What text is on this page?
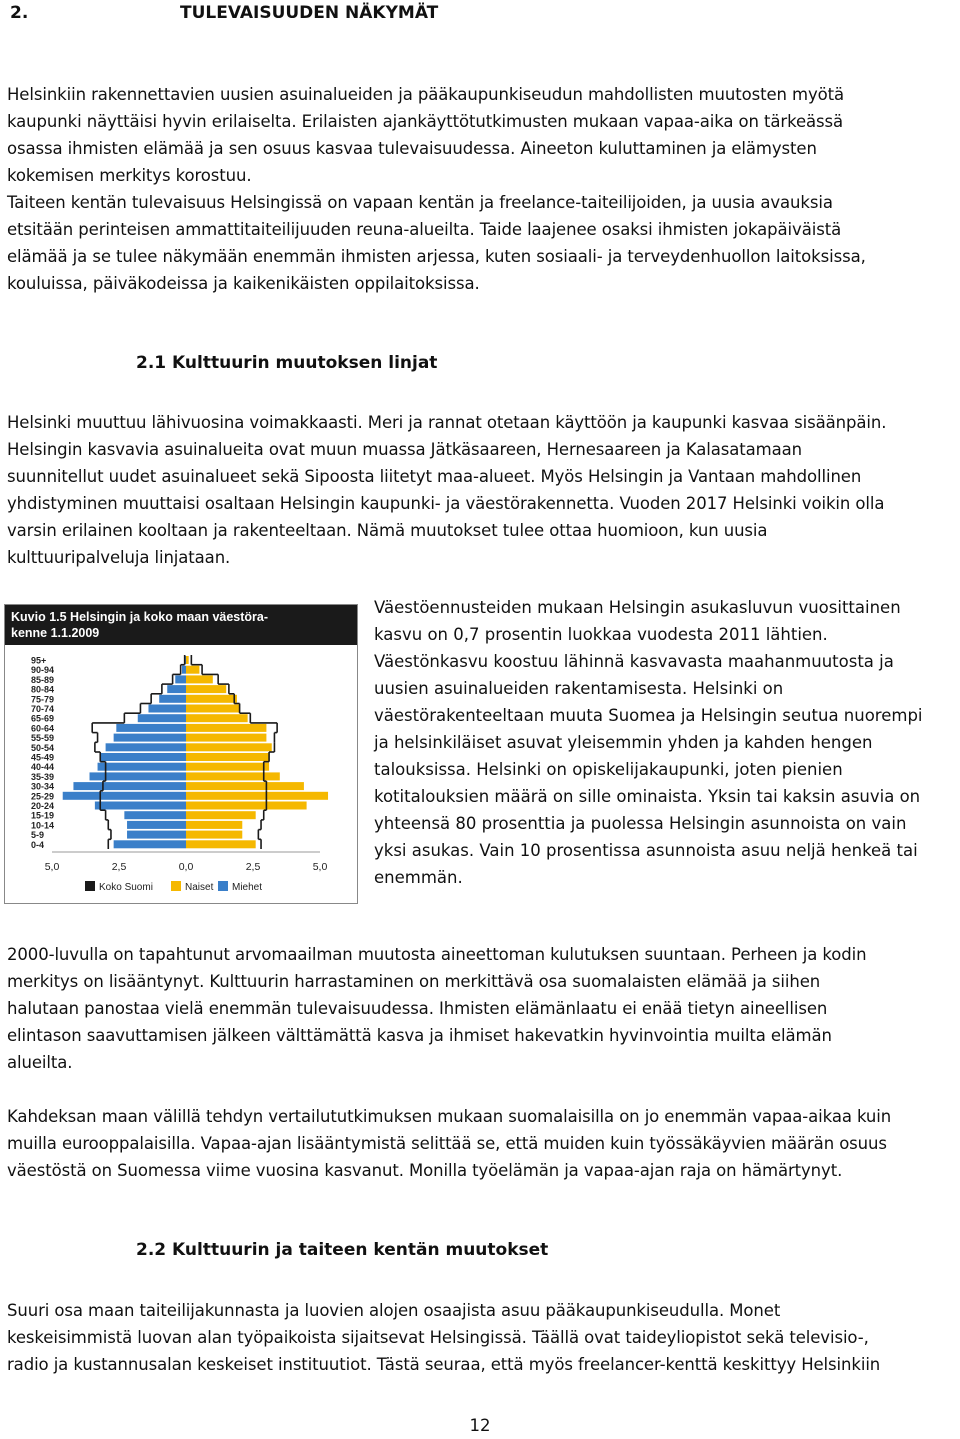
2.	TULEVAISUUDEN NÄKYMÄT
Helsinkiin rakennettavien uusien asuinalueiden ja pääkaupunkiseudun mahdollisten muutosten myötä
kaupunki näyttäisi hyvin erilaiselta. Erilaisten ajankäyttötutkimusten mukaan vapaa-aika on tärkeässä
osassa ihmisten elämää ja sen osuus kasvaa tulevaisuudessa. Aineeton kuluttaminen ja elämysten
kokemisen merkitys korostuu.
Taiteen kentän tulevaisuus Helsingissä on vapaan kentän ja freelance-taiteilijoiden, ja uusia avauksia
etsitään perinteisen ammattitaiteilijuuden reuna-alueilta. Taide laajenee osaksi ihmisten jokapäiväistä
elämää ja se tulee näkymään enemmän ihmisten arjessa, kuten sosiaali- ja terveydenhuollon laitoksissa,
kouluissa, päiväkodeissa ja kaikenikäisten oppilaitoksissa.
2.1 Kulttuurin muutoksen linjat
Helsinki muuttuu lähivuosina voimakkaasti. Meri ja rannat otetaan käyttöön ja kaupunki kasvaa sisäänpäin.
Helsingin kasvavia asuinalueita ovat muun muassa Jätkäsaareen, Hernesaareen ja Kalasatamaan
suunnitellut uudet asuinalueet sekä Sipoosta liitetyt maa-alueet. Myös Helsingin ja Vantaan mahdollinen
yhdistyminen muuttaisi osaltaan Helsingin kaupunki- ja väestörakennetta. Vuoden 2017 Helsinki voikin olla
varsin erilainen kooltaan ja rakenteeltaan. Nämä muutokset tulee ottaa huomioon, kun uusia
kulttuuripalveluja linjataan.
Kuvio 1.5 Helsingin ja koko maan väestöra-
kenne 1.1.2009
95+
90-94
85-89
80-84
75-79
70-74
65-69
60-64
55-59
50-54
45-49
40-44
35-39
30-34
25-29
20-24
15-19
10-14
5-9
0-4
5,0	2,5	0,0	2,5	5,0
Koko Suomi	Naiset Miehet
Väestöennusteiden mukaan Helsingin asukasluvun vuosittainen
kasvu on 0,7 prosentin luokkaa vuodesta 2011 lähtien.
Väestönkasvu koostuu lähinnä kasvavasta maahanmuutosta ja
uusien asuinalueiden rakentamisesta. Helsinki on
väestörakenteeltaan muuta Suomea ja Helsingin seutua nuorempi
ja helsinkiläiset asuvat yleisemmin yhden ja kahden hengen
talouksissa. Helsinki on opiskelijakaupunki, joten pienien
kotitalouksien määrä on sille ominaista. Yksin tai kaksin asuvia on
yhteensä 80 prosenttia ja puolessa Helsingin asunnoista on vain
yksi asukas. Vain 10 prosentissa asunnoista asuu neljä henkeä tai
enemmän.
2000-luvulla on tapahtunut arvomaailman muutosta aineettoman kulutuksen suuntaan. Perheen ja kodin
merkitys on lisääntynyt. Kulttuurin harrastaminen on merkittävä osa suomalaisten elämää ja siihen
halutaan panostaa vielä enemmän tulevaisuudessa. Ihmisten elämänlaatu ei enää tietyn aineellisen
elintason saavuttamisen jälkeen välttämättä kasva ja ihmiset hakevatkin hyvinvointia muilta elämän
alueilta.
Kahdeksan maan välillä tehdyn vertailututkimuksen mukaan suomalaisilla on jo enemmän vapaa-aikaa kuin
muilla eurooppalaisilla. Vapaa-ajan lisääntymistä selittää se, että muiden kuin työssäkäyvien määrän osuus
väestöstä on Suomessa viime vuosina kasvanut. Monilla työelämän ja vapaa-ajan raja on hämärtynyt.
2.2 Kulttuurin ja taiteen kentän muutokset
Suuri osa maan taiteilijakunnasta ja luovien alojen osaajista asuu pääkaupunkiseudulla. Monet
keskeisimmistä luovan alan työpaikoista sijaitsevat Helsingissä. Täällä ovat taideyliopistot sekä televisio-,
radio ja kustannusalan keskeiset instituutiot. Tästä seuraa, että myös freelancer-kenttä keskittyy Helsinkiin
12
